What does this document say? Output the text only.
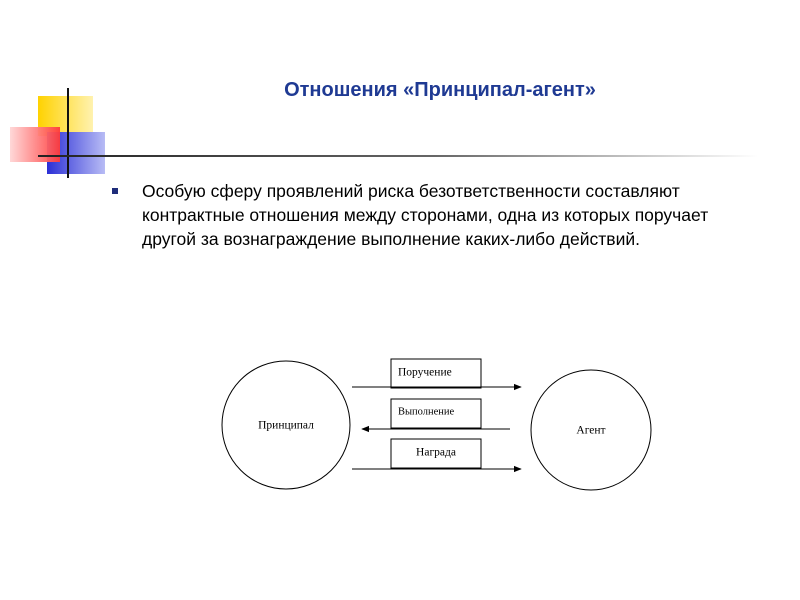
Отношения «Принципал-агент»

Особую сферу проявлений риска безответственности составляют контрактные отношения между сторонами, одна из которых поручает другой за вознаграждение выполнение каких-либо действий.

Принципал	Агент
Поручение
Выполнение
Награда
